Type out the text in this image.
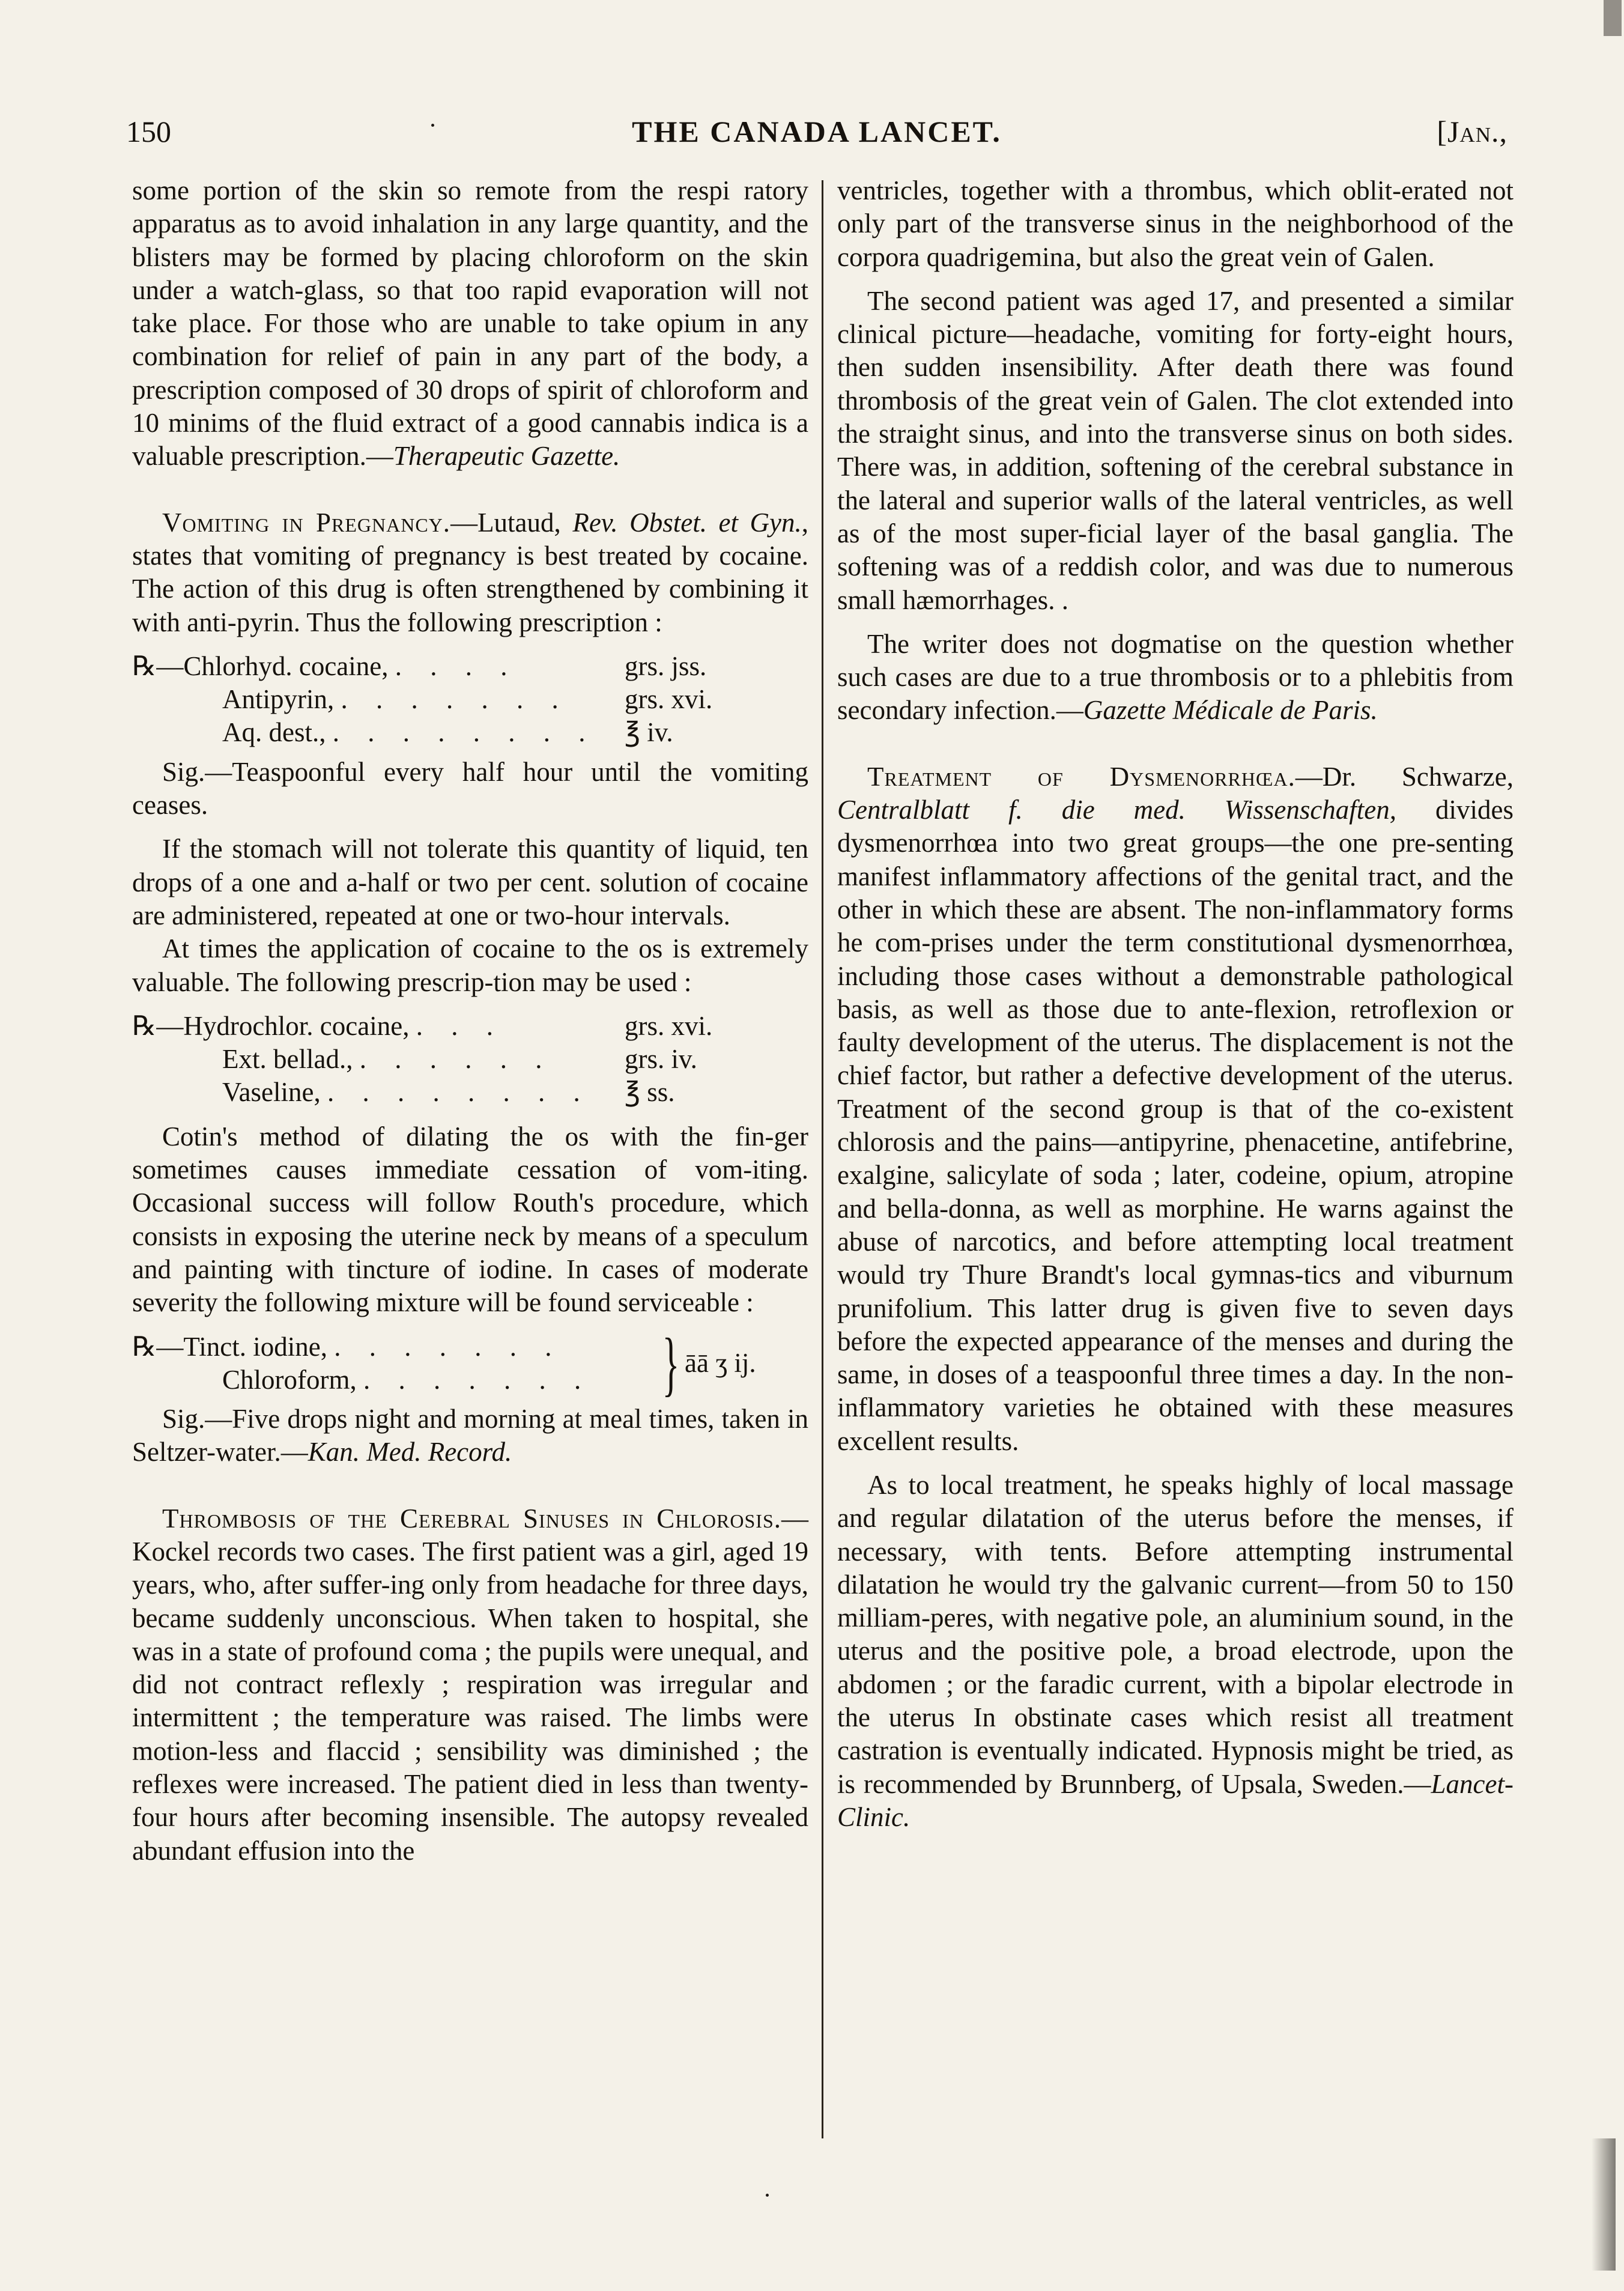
150	THE CANADA LANCET.	[Jan.,

some portion of the skin so remote from the respi ratory apparatus as to avoid inhalation in any large quantity, and the blisters may be formed by placing chloroform on the skin under a watch-glass, so that too rapid evaporation will not take place. For those who are unable to take opium in any combination for relief of pain in any part of the body, a prescription composed of 30 drops of spirit of chloroform and 10 minims of the fluid extract of a good cannabis indica is a valuable prescription.—Therapeutic Gazette.

Vomiting in Pregnancy.—Lutaud, Rev. Obstet. et Gyn., states that vomiting of pregnancy is best treated by cocaine. The action of this drug is often strengthened by combining it with anti-pyrin. Thus the following prescription :

℞—Chlorhyd. cocaine, . . . .	grs. jss.
Antipyrin, . . . . . . .	grs. xvi.
Aq. dest., . . . . . . . .	℥ iv.

Sig.—Teaspoonful every half hour until the vomiting ceases.

If the stomach will not tolerate this quantity of liquid, ten drops of a one and a-half or two per cent. solution of cocaine are administered, repeated at one or two-hour intervals.

At times the application of cocaine to the os is extremely valuable. The following prescrip-tion may be used :

℞—Hydrochlor. cocaine, . . .	grs. xvi.
Ext. bellad., . . . . . .	grs. iv.
Vaseline, . . . . . . . .	℥ ss.

Cotin's method of dilating the os with the fin-ger sometimes causes immediate cessation of vom-iting. Occasional success will follow Routh's procedure, which consists in exposing the uterine neck by means of a speculum and painting with tincture of iodine. In cases of moderate severity the following mixture will be found serviceable :

℞—Tinct. iodine, . . . . . . .
Chloroform, . . . . . . . } āā ʒ ij.

Sig.—Five drops night and morning at meal times, taken in Seltzer-water.—Kan. Med. Record.

Thrombosis of the Cerebral Sinuses in Chlorosis.—Kockel records two cases. The first patient was a girl, aged 19 years, who, after suffer-ing only from headache for three days, became suddenly unconscious. When taken to hospital, she was in a state of profound coma ; the pupils were unequal, and did not contract reflexly ; respiration was irregular and intermittent ; the temperature was raised. The limbs were motion-less and flaccid ; sensibility was diminished ; the reflexes were increased. The patient died in less than twenty-four hours after becoming insensible. The autopsy revealed abundant effusion into the

ventricles, together with a thrombus, which oblit-erated not only part of the transverse sinus in the neighborhood of the corpora quadrigemina, but also the great vein of Galen.

The second patient was aged 17, and presented a similar clinical picture—headache, vomiting for forty-eight hours, then sudden insensibility. After death there was found thrombosis of the great vein of Galen. The clot extended into the straight sinus, and into the transverse sinus on both sides. There was, in addition, softening of the cerebral substance in the lateral and superior walls of the lateral ventricles, as well as of the most super-ficial layer of the basal ganglia. The softening was of a reddish color, and was due to numerous small hæmorrhages. .

The writer does not dogmatise on the question whether such cases are due to a true thrombosis or to a phlebitis from secondary infection.—Gazette Médicale de Paris.

Treatment of Dysmenorrhœa.—Dr. Schwarze, Centralblatt f. die med. Wissenschaften, divides dysmenorrhœa into two great groups—the one pre-senting manifest inflammatory affections of the genital tract, and the other in which these are absent. The non-inflammatory forms he com-prises under the term constitutional dysmenorrhœa, including those cases without a demonstrable pathological basis, as well as those due to ante-flexion, retroflexion or faulty development of the uterus. The displacement is not the chief factor, but rather a defective development of the uterus. Treatment of the second group is that of the co-existent chlorosis and the pains—antipyrine, phenacetine, antifebrine, exalgine, salicylate of soda ; later, codeine, opium, atropine and bella-donna, as well as morphine. He warns against the abuse of narcotics, and before attempting local treatment would try Thure Brandt's local gymnas-tics and viburnum prunifolium. This latter drug is given five to seven days before the expected appearance of the menses and during the same, in doses of a teaspoonful three times a day. In the non-inflammatory varieties he obtained with these measures excellent results.

As to local treatment, he speaks highly of local massage and regular dilatation of the uterus before the menses, if necessary, with tents. Before attempting instrumental dilatation he would try the galvanic current—from 50 to 150 milliam-peres, with negative pole, an aluminium sound, in the uterus and the positive pole, a broad electrode, upon the abdomen ; or the faradic current, with a bipolar electrode in the uterus In obstinate cases which resist all treatment castration is eventually indicated. Hypnosis might be tried, as is recommended by Brunnberg, of Upsala, Sweden.—Lancet-Clinic.
